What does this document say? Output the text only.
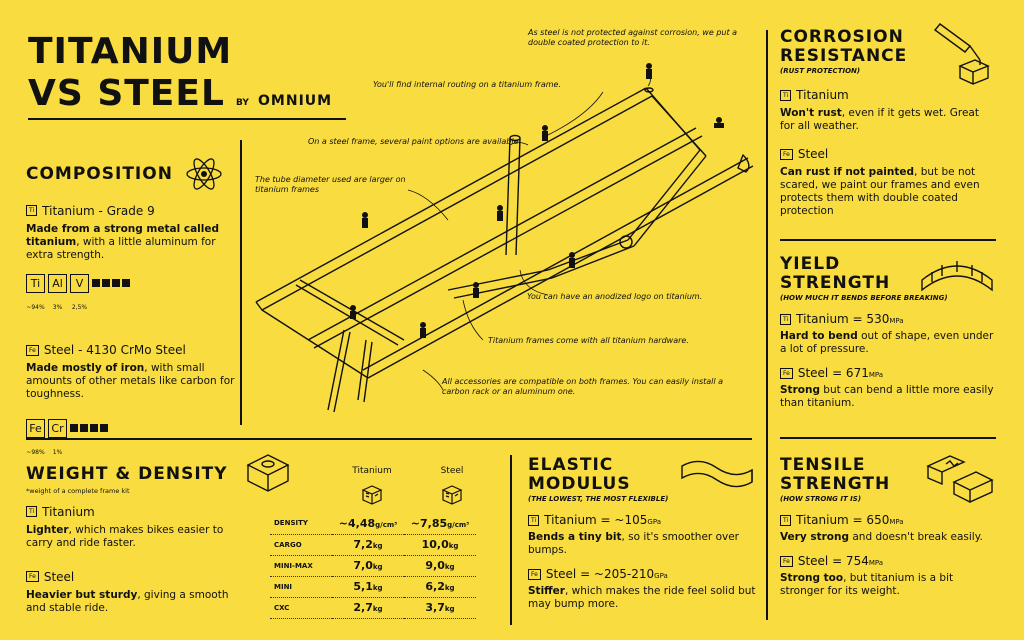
TITANIUM
VS STEEL BY OMNIUM
COMPOSITION
Ti Titanium - Grade 9
Made from a strong metal called titanium, with a little aluminum for extra strength.
Ti Al V
~94% 3% 2,5%
Fe Steel - 4130 CrMo Steel
Made mostly of iron, with small amounts of other metals like carbon for toughness.
Fe Cr
~98% 1%
As steel is not protected against corrosion, we put a double coated protection to it.
You'll find internal routing on a titanium frame.
On a steel frame, several paint options are available.
The tube diameter used are larger on titanium frames
You can have an anodized logo on titanium.
Titanium frames come with all titanium hardware.
All accessories are compatible on both frames. You can easily install a carbon rack or an aluminum one.
CORROSION
RESISTANCE
(RUST PROTECTION)
Ti Titanium
Won't rust, even if it gets wet. Great for all weather.
Fe Steel
Can rust if not painted, but be not scared, we paint our frames and even protects them with double coated protection
YIELD
STRENGTH
(HOW MUCH IT BENDS BEFORE BREAKING)
Ti Titanium = 530MPa
Hard to bend out of shape, even under a lot of pressure.
Fe Steel = 671MPa
Strong but can bend a little more easily than titanium.
WEIGHT & DENSITY
*weight of a complete frame kit
Ti Titanium
Lighter, which makes bikes easier to carry and ride faster.
Fe Steel
Heavier but sturdy, giving a smooth and stable ride.
Titanium	Steel
DENSITY	~4,48g/cm³	~7,85g/cm³
CARGO	7,2kg	10,0kg
MINI-MAX	7,0kg	9,0kg
MINI	5,1kg	6,2kg
CXC	2,7kg	3,7kg
ELASTIC
MODULUS
(THE LOWEST, THE MOST FLEXIBLE)
Ti Titanium = ~105GPa
Bends a tiny bit, so it's smoother over bumps.
Fe Steel = ~205-210GPa
Stiffer, which makes the ride feel solid but may bump more.
TENSILE
STRENGTH
(HOW STRONG IT IS)
Ti Titanium = 650MPa
Very strong and doesn't break easily.
Fe Steel = 754MPa
Strong too, but titanium is a bit stronger for its weight.
